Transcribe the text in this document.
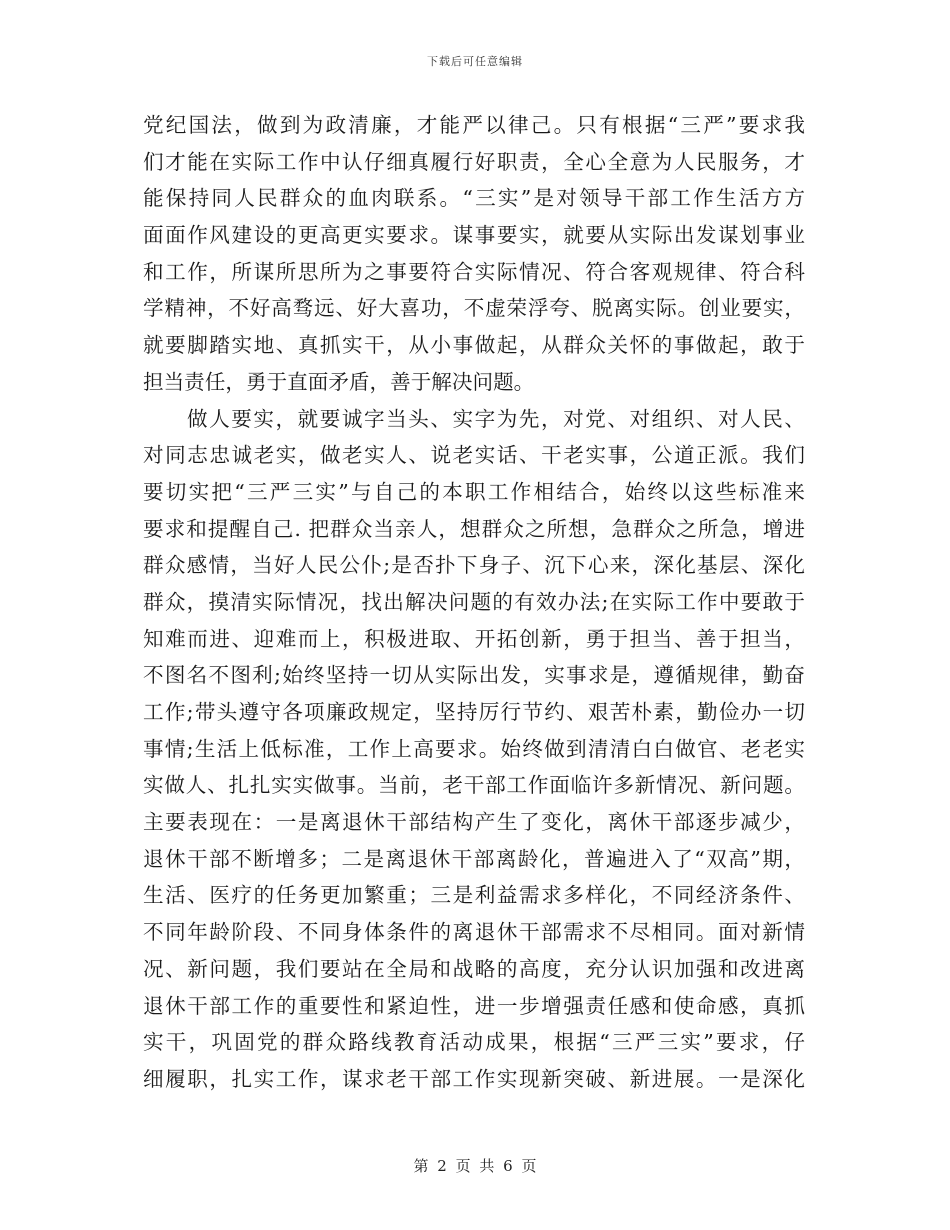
下载后可任意编辑
党纪国法，做到为政清廉，才能严以律己。只有根据“三严”要求我
们才能在实际工作中认仔细真履行好职责，全心全意为人民服务，才
能保持同人民群众的血肉联系。“三实”是对领导干部工作生活方方
面面作风建设的更高更实要求。谋事要实，就要从实际出发谋划事业
和工作，所谋所思所为之事要符合实际情况、符合客观规律、符合科
学精神，不好高骛远、好大喜功，不虚荣浮夸、脱离实际。创业要实，
就要脚踏实地、真抓实干，从小事做起，从群众关怀的事做起，敢于
担当责任，勇于直面矛盾，善于解决问题。
做人要实，就要诚字当头、实字为先，对党、对组织、对人民、
对同志忠诚老实，做老实人、说老实话、干老实事，公道正派。我们
要切实把“三严三实”与自己的本职工作相结合，始终以这些标准来
要求和提醒自己. 把群众当亲人，想群众之所想，急群众之所急，增进
群众感情，当好人民公仆;是否扑下身子、沉下心来，深化基层、深化
群众，摸清实际情况，找出解决问题的有效办法;在实际工作中要敢于
知难而进、迎难而上，积极进取、开拓创新，勇于担当、善于担当，
不图名不图利;始终坚持一切从实际出发，实事求是，遵循规律，勤奋
工作;带头遵守各项廉政规定，坚持厉行节约、艰苦朴素，勤俭办一切
事情;生活上低标准，工作上高要求。始终做到清清白白做官、老老实
实做人、扎扎实实做事。当前，老干部工作面临许多新情况、新问题。
主要表现在：一是离退休干部结构产生了变化，离休干部逐步减少，
退休干部不断增多；二是离退休干部离龄化，普遍进入了“双高”期，
生活、医疗的任务更加繁重；三是利益需求多样化，不同经济条件、
不同年龄阶段、不同身体条件的离退休干部需求不尽相同。面对新情
况、新问题，我们要站在全局和战略的高度，充分认识加强和改进离
退休干部工作的重要性和紧迫性，进一步增强责任感和使命感，真抓
实干，巩固党的群众路线教育活动成果，根据“三严三实”要求，仔
细履职，扎实工作，谋求老干部工作实现新突破、新进展。一是深化
第 2 页 共 6 页
